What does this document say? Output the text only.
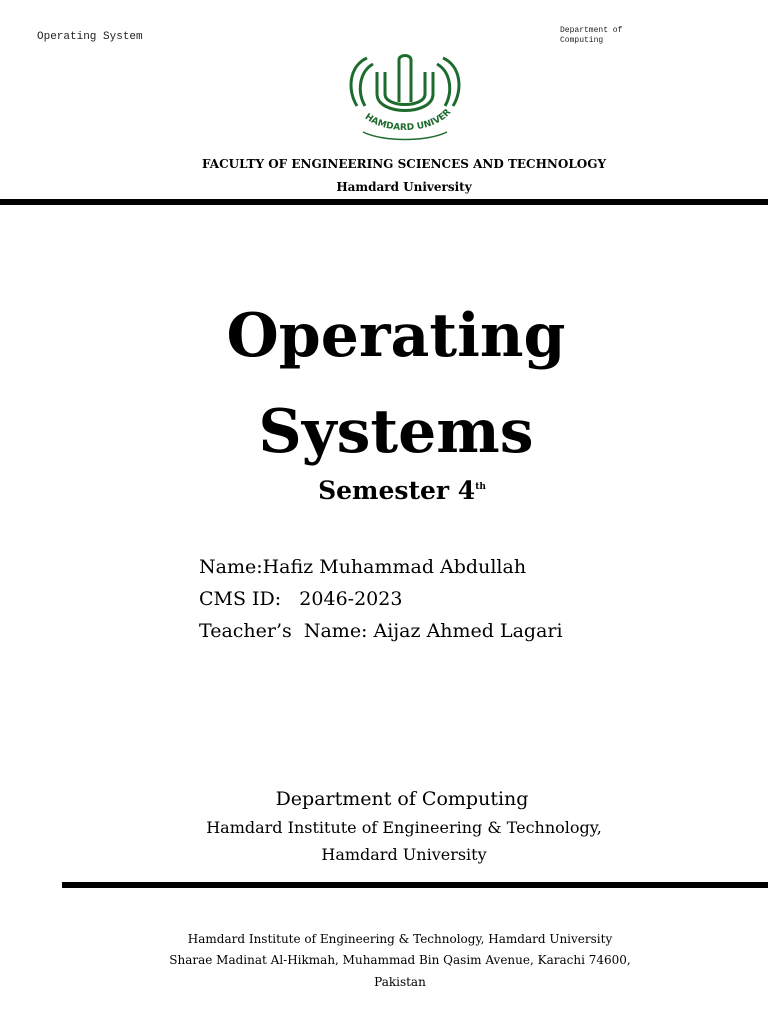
Operating System
Department of
Computing
HAMDARD UNIVER
FACULTY OF ENGINEERING SCIENCES AND TECHNOLOGY
Hamdard University
Operating
Systems
Semester 4th
Name:Hafiz Muhammad Abdullah
CMS ID:   2046-2023
Teacher’s  Name: Aijaz Ahmed Lagari
Department of Computing
Hamdard Institute of Engineering & Technology,
Hamdard University
Hamdard Institute of Engineering & Technology, Hamdard University
Sharae Madinat Al-Hikmah, Muhammad Bin Qasim Avenue, Karachi 74600,
Pakistan
